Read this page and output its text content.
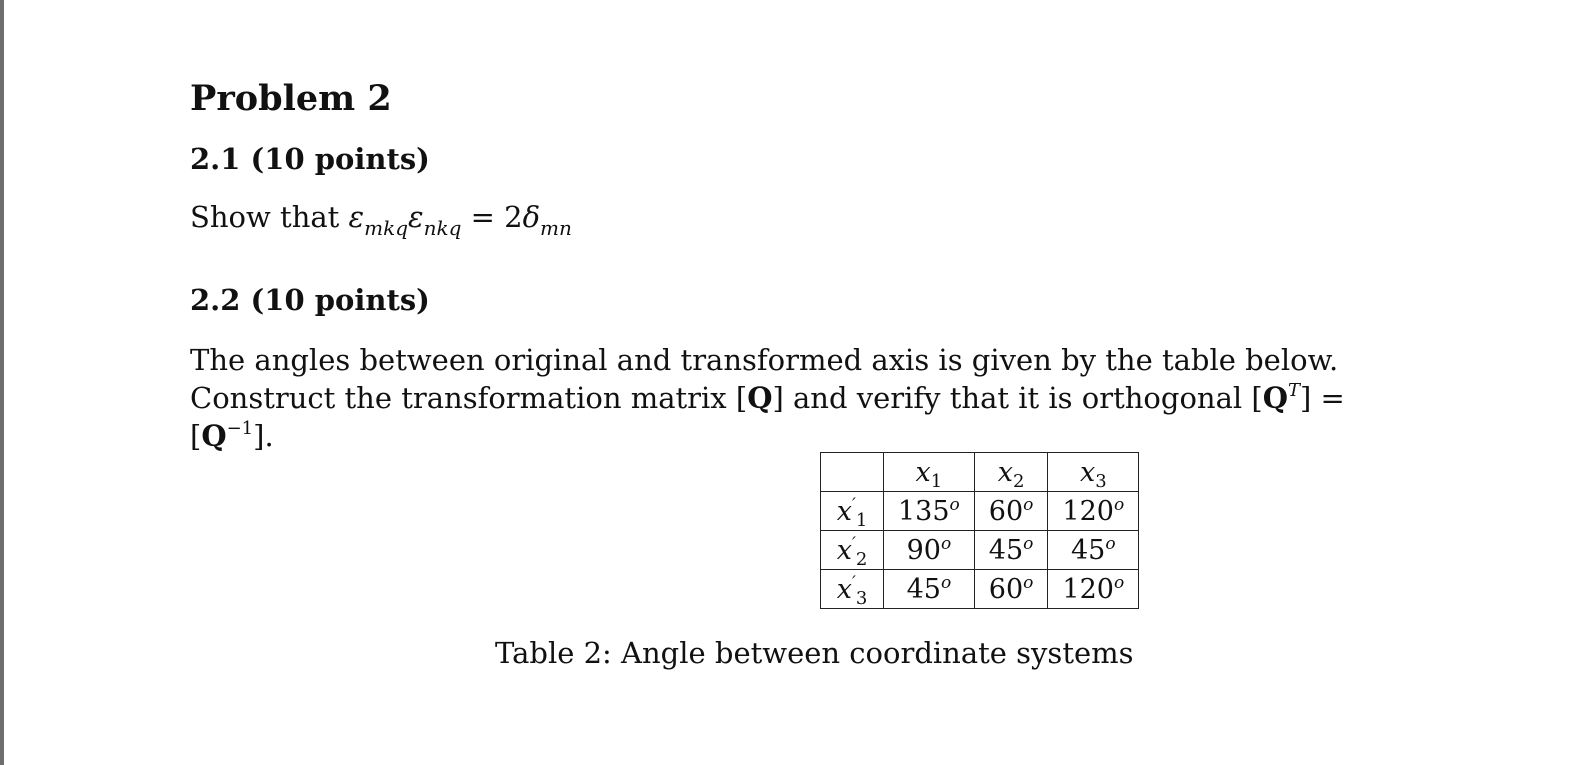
Problem 2
2.1 (10 points)
Show that $\varepsilon_{mkq}\varepsilon_{nkq} = 2\delta_{mn}$
2.2 (10 points)
The angles between original and transformed axis is given by the table below. Construct the transformation matrix [Q] and verify that it is orthogonal $[Q^T] = [Q^{-1}]$.
	$x_1$	$x_2$	$x_3$
$x'_1$	135$^o$	60$^o$	120$^o$
$x'_2$	90$^o$	45$^o$	45$^o$
$x'_3$	45$^o$	60$^o$	120$^o$
Table 2: Angle between coordinate systems
